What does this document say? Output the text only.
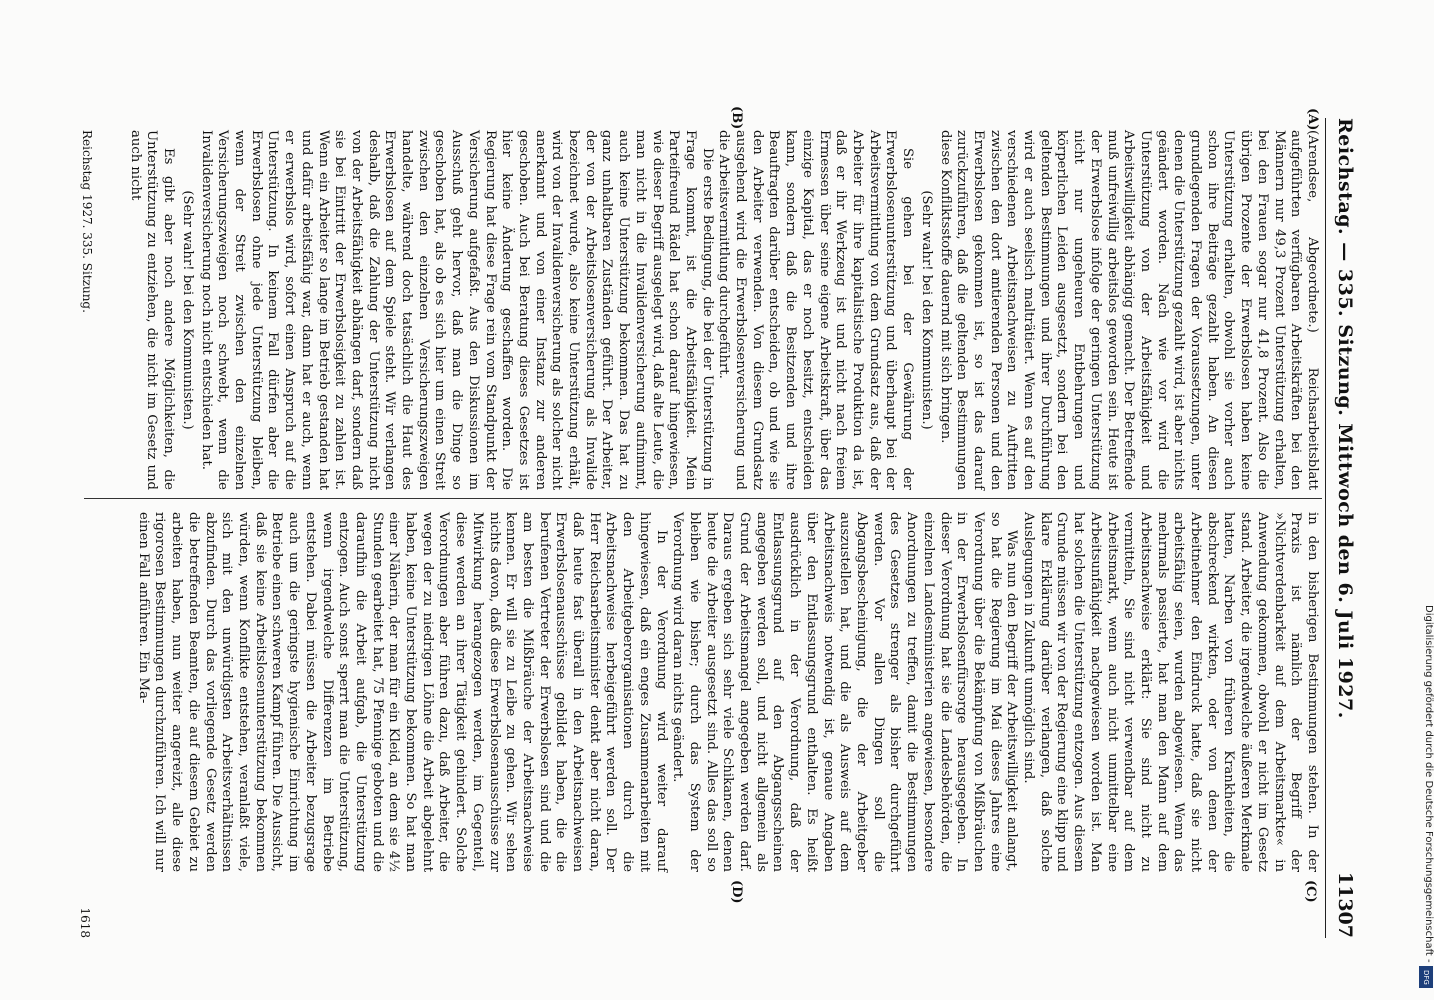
Reichstag. — 335. Sitzung. Mittwoch den 6. Juli 1927.
11307
(A)
(B)
(C)
(D)

(Arendsee, Abgeordnete.) Reichsarbeitsblatt aufgeführten verfügbaren Arbeitskräften bei den Männern nur 49,3 Prozent Unterstützung erhalten, bei den Frauen sogar nur 41,8 Prozent. Also die übrigen Prozente der Erwerbslosen haben keine Unterstützung erhalten, obwohl sie vorher auch schon ihre Beiträge gezahlt haben. An diesen grundlegenden Fragen der Voraussetzungen, unter denen die Unterstützung gezahlt wird, ist aber nichts geändert worden. Nach wie vor wird die Unterstützung von der Arbeitsfähigkeit und Arbeitswilligkeit abhängig gemacht. Der Betreffende muß unfreiwillig arbeitslos geworden sein. Heute ist der Erwerbslose infolge der geringen Unterstützung nicht nur ungeheuren Entbehrungen und körperlichen Leiden ausgesetzt, sondern bei den geltenden Bestimmungen und ihrer Durchführung wird er auch seelisch malträtiert. Wenn es auf den verschiedenen Arbeitsnachweisen zu Auftritten zwischen den dort amtierenden Personen und den Erwerbslosen gekommen ist, so ist das darauf zurückzuführen, daß die geltenden Bestimmungen diese Konfliktsstoffe dauernd mit sich bringen.

(Sehr wahr! bei den Kommunisten.)

Sie gehen bei der Gewährung der Erwerbslosenunterstützung und überhaupt bei der Arbeitsvermittlung von dem Grundsatz aus, daß der Arbeiter für ihre kapitalistische Produktion da ist, daß er ihr Werkzeug ist und nicht nach freiem Ermessen über seine eigene Arbeitskraft, über das einzige Kapital, das er noch besitzt, entscheiden kann, sondern daß die Besitzenden und ihre Beauftragten darüber entscheiden, ob und wie sie den Arbeiter verwenden. Von diesem Grundsatz ausgehend wird die Erwerbslosenversicherung und die Arbeitsvermittlung durchgeführt.

Die erste Bedingung, die bei der Unterstützung in Frage kommt, ist die Arbeitsfähigkeit. Mein Parteifreund Rädel hat schon darauf hingewiesen, wie dieser Begriff ausgelegt wird, daß alte Leute, die man nicht in die Invalidenversicherung aufnimmt, auch keine Unterstützung bekommen. Das hat zu ganz unhaltbaren Zuständen geführt. Der Arbeiter, der von der Arbeitslosenversicherung als Invalide bezeichnet wurde, also keine Unterstützung erhält, wird von der Invalidenversicherung als solcher nicht anerkannt und von einer Instanz zur anderen geschoben. Auch bei Beratung dieses Gesetzes ist hier keine Änderung geschaffen worden. Die Regierung hat diese Frage rein vom Standpunkt der Versicherung aufgefaßt. Aus den Diskussionen im Ausschuß geht hervor, daß man die Dinge so geschoben hat, als ob es sich hier um einen Streit zwischen den einzelnen Versicherungszweigen handelte, während doch tatsächlich die Haut des Erwerbslosen auf dem Spiele steht. Wir verlangen deshalb, daß die Zahlung der Unterstützung nicht von der Arbeitsfähigkeit abhängen darf, sondern daß sie bei Eintritt der Erwerbslosigkeit zu zahlen ist. Wenn ein Arbeiter so lange im Betrieb gestanden hat und dafür arbeitsfähig war, dann hat er auch, wenn er erwerbslos wird, sofort einen Anspruch auf die Unterstützung. In keinem Fall dürfen aber die Erwerbslosen ohne jede Unterstützung bleiben, wenn der Streit zwischen den einzelnen Versicherungszweigen noch schwebt, wenn die Invalidenversicherung noch nicht entschieden hat.

(Sehr wahr! bei den Kommunisten.)

Es gibt aber noch andere Möglichkeiten, die Unterstützung zu entziehen, die nicht im Gesetz und auch nicht

in den bisherigen Bestimmungen stehen. In der Praxis ist nämlich der Begriff der »Nichtverdenbarkeit auf dem Arbeitsmarkte« in Anwendung gekommen, obwohl er nicht im Gesetz stand. Arbeiter, die irgendwelche äußeren Merkmale hatten, Narben von früheren Krankheiten, die abschreckend wirkten, oder von denen der Arbeitnehmer den Eindruck hatte, daß sie nicht arbeitsfähig seien, wurden abgewiesen. Wenn das mehrmals passierte, hat man den Mann auf dem Arbeitsnachweise erklärt: Sie sind nicht zu vermitteln, Sie sind nicht verwendbar auf dem Arbeitsmarkt, wenn auch nicht unmittelbar eine Arbeitsunfähigkeit nachgewiesen worden ist. Man hat solchen die Unterstützung entzogen. Aus diesem Grunde müssen wir von der Regierung eine klipp und klare Erklärung darüber verlangen, daß solche Auslegungen in Zukunft unmöglich sind.

Was nun den Begriff der Arbeitswilligkeit anlangt, so hat die Regierung im Mai dieses Jahres eine Verordnung über die Bekämpfung von Mißbräuchen in der Erwerbslosenfürsorge herausgegeben. In dieser Verordnung hat sie die Landesbehörden, die einzelnen Landesministerien angewiesen, besondere Anordnungen zu treffen, damit die Bestimmungen des Gesetzes strenger als bisher durchgeführt werden. Vor allen Dingen soll die Abgangsbescheinigung, die der Arbeitgeber auszustellen hat, und die als Ausweis auf dem Arbeitsnachweis notwendig ist, genaue Angaben über den Entlassungsgrund enthalten. Es heißt ausdrücklich in der Verordnung, daß der Entlassungsgrund auf den Abgangsscheinen angegeben werden soll, und nicht allgemein als Grund der Arbeitsmangel angegeben werden darf. Daraus ergeben sich sehr viele Schikanen, denen heute die Arbeiter ausgesetzt sind. Alles das soll so bleiben wie bisher; durch das System der Verordnung wird daran nichts geändert.

In der Verordnung wird weiter darauf hingewiesen, daß ein enges Zusammenarbeiten mit den Arbeitgeberorganisationen durch die Arbeitsnachweise herbeigeführt werden soll. Der Herr Reichsarbeitsminister denkt aber nicht daran, daß heute fast überall in den Arbeitsnachweisen Erwerbslosenausschüsse gebildet haben, die die berufenen Vertreter der Erwerbslosen sind und die am besten die Mißbräuche der Arbeitsnachweise kennen. Er will sie zu Leibe zu gehen. Wir sehen nichts davon, daß diese Erwerbslosenausschüsse zur Mitwirkung herangezogen werden, im Gegenteil, diese werden an ihrer Tätigkeit gehindert. Solche Verordnungen aber führen dazu, daß Arbeiter, die wegen der zu niedrigen Löhne die Arbeit abgelehnt haben, keine Unterstützung bekommen. So hat man einer Näherin, der man für ein Kleid, an dem sie 4½ Stunden gearbeitet hat, 75 Pfennige geboten und die daraufhin die Arbeit aufgab, die Unterstützung entzogen. Auch sonst sperrt man die Unterstützung, wenn irgendwelche Differenzen im Betriebe entstehen. Dabei müssen die Arbeiter bezugsrage auch um die geringste hygienische Einrichtung im Betriebe einen schweren Kampf führen. Die Aussicht, daß sie keine Arbeitslosenunterstützung bekommen würden, wenn Konflikte entstehen, veranlaßt viele, sich mit den unwürdigsten Arbeitsverhältnissen abzufinden. Durch das vorliegende Gesetz werden die betreffenden Beamten, die auf diesem Gebiet zu arbeiten haben, nun weiter angereizt, alle diese rigorosen Bestimmungen durchzuführen. Ich will nur einen Fall anführen. Ein Ma-

Reichstag 1927. 335. Sitzung.
1618	Digitalisierung gefördert durch die Deutsche Forschungsgemeinschaft -
DFG
